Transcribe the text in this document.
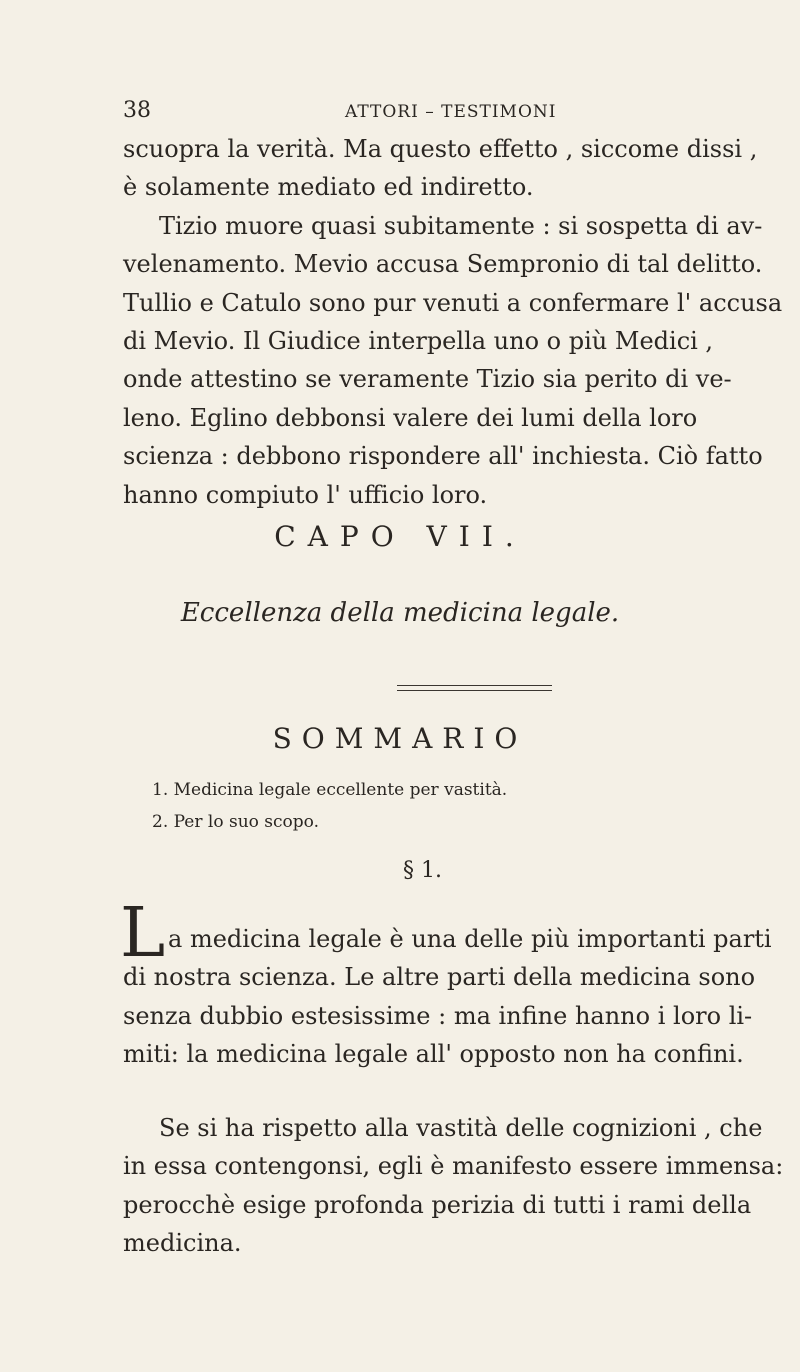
38	ATTORI – TESTIMONI

scuopra la verità. Ma questo effetto , siccome dissi ,
è solamente mediato ed indiretto.
Tizio muore quasi subitamente : si sospetta di av-
velenamento. Mevio accusa Sempronio di tal delitto.
Tullio e Catulo sono pur venuti a confermare l' accusa
di Mevio. Il Giudice interpella uno o più Medici ,
onde attestino se veramente Tizio sia perito di ve-
leno. Eglino debbonsi valere dei lumi della loro
scienza : debbono rispondere all' inchiesta. Ciò fatto
hanno compiuto l' ufficio loro.

CAPO VII.
Eccellenza della medicina legale.
SOMMARIO
1. Medicina legale eccellente per vastità.
2. Per lo suo scopo.
§ 1.
L a medicina legale è una delle più importanti parti
di nostra scienza. Le altre parti della medicina sono
senza dubbio estesissime : ma infine hanno i loro li-
miti: la medicina legale all' opposto non ha confini.

Se si ha rispetto alla vastità delle cognizioni , che
in essa contengonsi, egli è manifesto essere immensa:
perocchè esige profonda perizia di tutti i rami della
medicina.
